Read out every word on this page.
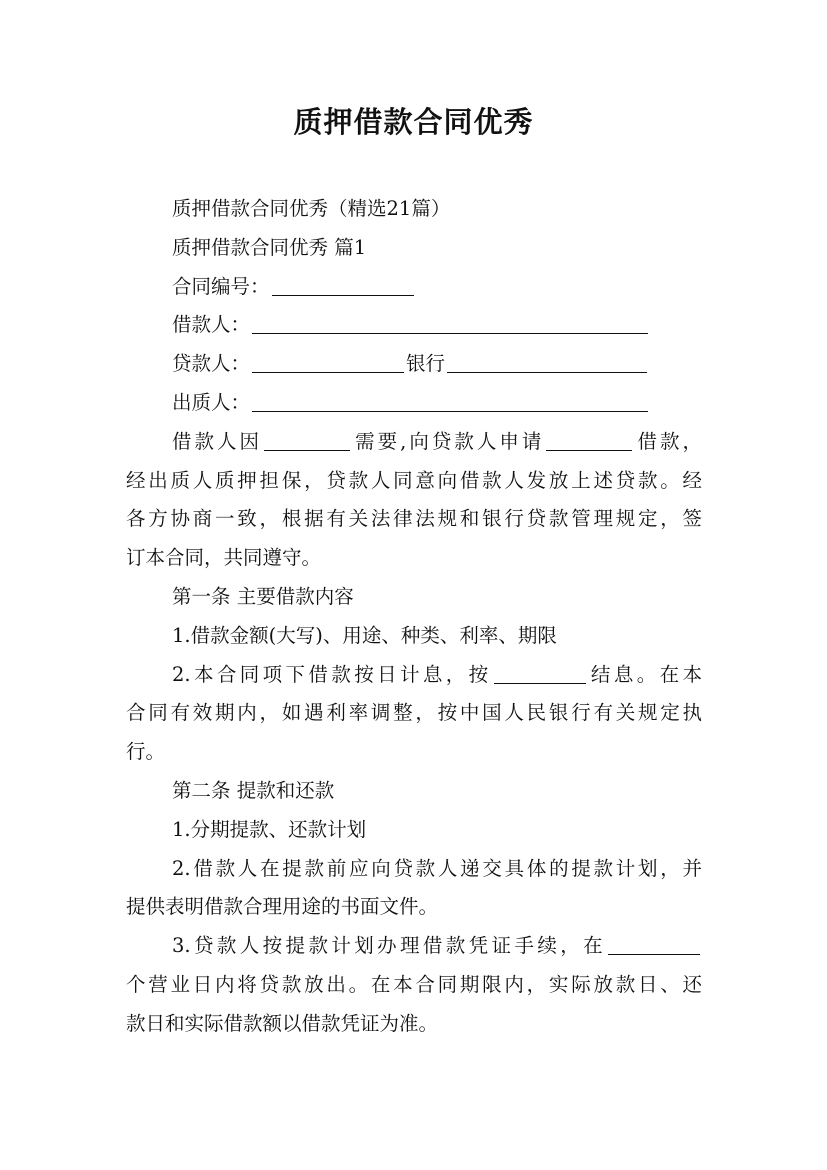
质押借款合同优秀
质押借款合同优秀（精选21篇）
质押借款合同优秀 篇1
合同编号：
借款人：
贷款人：	银行
出质人：
借款人因	需要,向贷款人申请	借款，
经出质人质押担保，贷款人同意向借款人发放上述贷款。经
各方协商一致，根据有关法律法规和银行贷款管理规定，签
订本合同，共同遵守。
第一条 主要借款内容
1.借款金额(大写)、用途、种类、利率、期限
2.本合同项下借款按日计息，按	结息。在本
合同有效期内，如遇利率调整，按中国人民银行有关规定执
行。
第二条 提款和还款
1.分期提款、还款计划
2.借款人在提款前应向贷款人递交具体的提款计划，并
提供表明借款合理用途的书面文件。
3.贷款人按提款计划办理借款凭证手续，在
个营业日内将贷款放出。在本合同期限内，实际放款日、还
款日和实际借款额以借款凭证为准。
